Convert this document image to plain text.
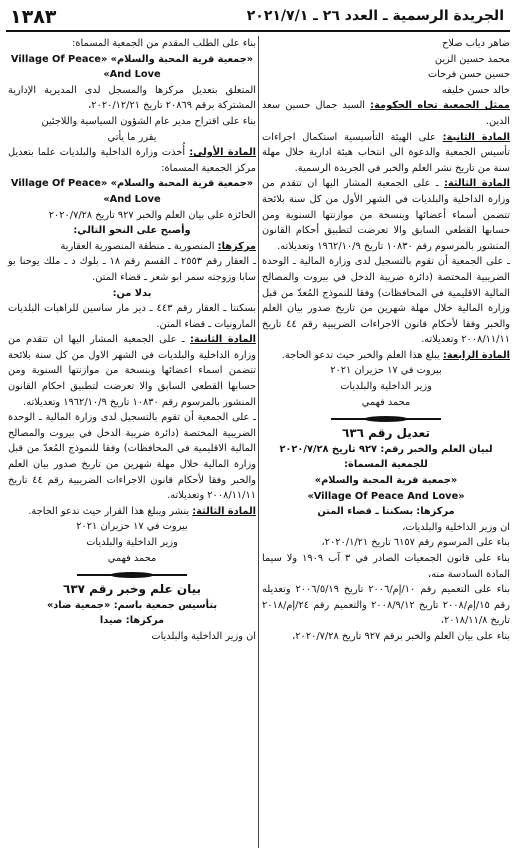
الجريدة الرسمية ـ العدد ٢٦ ـ ٢٠٢١/٧/١
١٣٨٣

ضاهر دياب صلاح

محمد حسين الزين

حسين حسن فرحات

خالد حسن خليفه

ممثل الجمعية تجاه الحكومة: السيد جمال حسين سعد الدين.

المادة الثانية: على الهيئة التأسيسية استكمال اجراءات تأسيس الجمعية والدعوة الى انتخاب هيئة ادارية خلال مهلة سنة من تاريخ نشر العلم والخبر في الجريدة الرسمية.

المادة الثالثة: ـ على الجمعية المشار اليها ان تتقدم من وزارة الداخلية والبلديات في الشهر الأول من كل سنة بلائحة تتضمن أسماء أعضائها وبنسخة من موازنتها السنوية ومن حسابها القطعي السابق والا تعرضت لتطبيق أحكام القانون المنشور بالمرسوم رقم ١٠٨٣٠ تاريخ ١٩٦٢/١٠/٩ وتعديلاته.

ـ على الجمعية أن تقوم بالتسجيل لدى وزارة المالية ـ الوحدة الضريبية المختصة (دائرة ضريبة الدخل في بيروت والمصالح المالية الاقليمية في المحافظات) وفقا للنموذج المُعدّ من قبل وزارة المالية خلال مهلة شهرين من تاريخ صدور بيان العلم والخبر وفقا لأحكام قانون الاجراءات الضريبية رقم ٤٤ تاريخ ٢٠٠٨/١١/١١ وتعديلاته.

المادة الرابعة: يبلغ هذا العلم والخبر حيث تدعو الحاجة.

بيروت في ١٧ حزيران ٢٠٢١

وزير الداخلية والبلديات

محمد فهمي

تعديل رقم ٦٣٦

لبيان العلم والخبر رقم: ٩٢٧ تاريخ ٢٠٢٠/٧/٢٨

للجمعية المسماة:

«جمعية قرية المحبة والسلام»

«Village Of Peace And Love»

مركزها: بسكنتا ـ قضاء المتن

ان وزير الداخلية والبلديات،

بناء على المرسوم رقم ٦١٥٧ تاريخ ٢٠٢٠/١/٢١،

بناء على قانون الجمعيات الصادر في ٣ آب ١٩٠٩ ولا سيما المادة السادسة منه،

بناء على التعميم رقم ١٠/إم/٢٠٠٦ تاريخ ٢٠٠٦/٥/١٩ وتعديله رقم ١٥/إم/٢٠٠٨ تاريخ ٢٠٠٨/٩/١٢ والتعميم رقم ٢٤/إم/٢٠١٨ تاريخ ٢٠١٨/١١/٨،

بناء على بيان العلم والخبر برقم ٩٢٧ تاريخ ٢٠٢٠/٧/٢٨،

بناء على الطلب المقدم من الجمعية المسماة:

«جمعية قرية المحبة والسلام» «Village Of Peace And Love»

المتعلق بتعديل مركزها والمسجل لدى المديرية الإدارية المشتركة برقم ٢٠٨٦٩ تاريخ ٢٠٢٠/١٢/٢١،

بناء على اقتراح مدير عام الشؤون السياسية واللاجئين

يقرر ما يأتي

المادة الأولى: أُخذت وزارة الداخلية والبلديات علما بتعديل مركز الجمعية المسماة:

«جمعية قرية المحبة والسلام» «Village Of Peace And Love»

الحائزة على بيان العلم والخبر ٩٢٧ تاريخ ٢٠٢٠/٧/٢٨

وأصبح على النحو التالي:

مركزها: المنصورية ـ منطقة المنصورية العقارية

ـ العقار رقم ٢٥٥٣ ـ القسم رقم ١٨ ـ بلوك د ـ ملك يوحنا بو سابا وزوجته سمر ابو شعر ـ قضاء المتن.

بدلا من:

بسكنتا ـ العقار رقم ٤٤٣ ـ دير مار ساسين للراهبات البلديات المارونيات ـ قضاء المتن.

المادة الثانية: ـ على الجمعية المشار اليها ان تتقدم من وزارة الداخلية والبلديات في الشهر الاول من كل سنة بلائحة تتضمن اسماء اعضائها وبنسخة من موازنتها السنوية ومن حسابها القطعي السابق والا تعرضت لتطبيق احكام القانون المنشور بالمرسوم رقم ١٠٨٣٠ تاريخ ١٩٦٢/١٠/٩ وتعديلاته.

ـ على الجمعية أن تقوم بالتسجيل لدى وزارة المالية ـ الوحدة الضريبية المختصة (دائرة ضريبة الدخل في بيروت والمصالح المالية الاقليمية في المحافظات) وفقا للنموذج المُعدّ من قبل وزارة المالية خلال مهلة شهرين من تاريخ صدور بيان العلم والخبر وفقا لأحكام قانون الاجراءات الضريبية رقم ٤٤ تاريخ ٢٠٠٨/١١/١١ وتعديلاته.

المادة الثالثة: ينشر ويبلغ هذا القرار حيث تدعو الحاجة.

بيروت في ١٧ حزيران ٢٠٢١

وزير الداخلية والبلديات

محمد فهمي

بيان علم وخبر رقم ٦٣٧

بتأسيس جمعية باسم: «جمعية ضاد»

مركزها: صيدا

ان وزير الداخلية والبلديات
